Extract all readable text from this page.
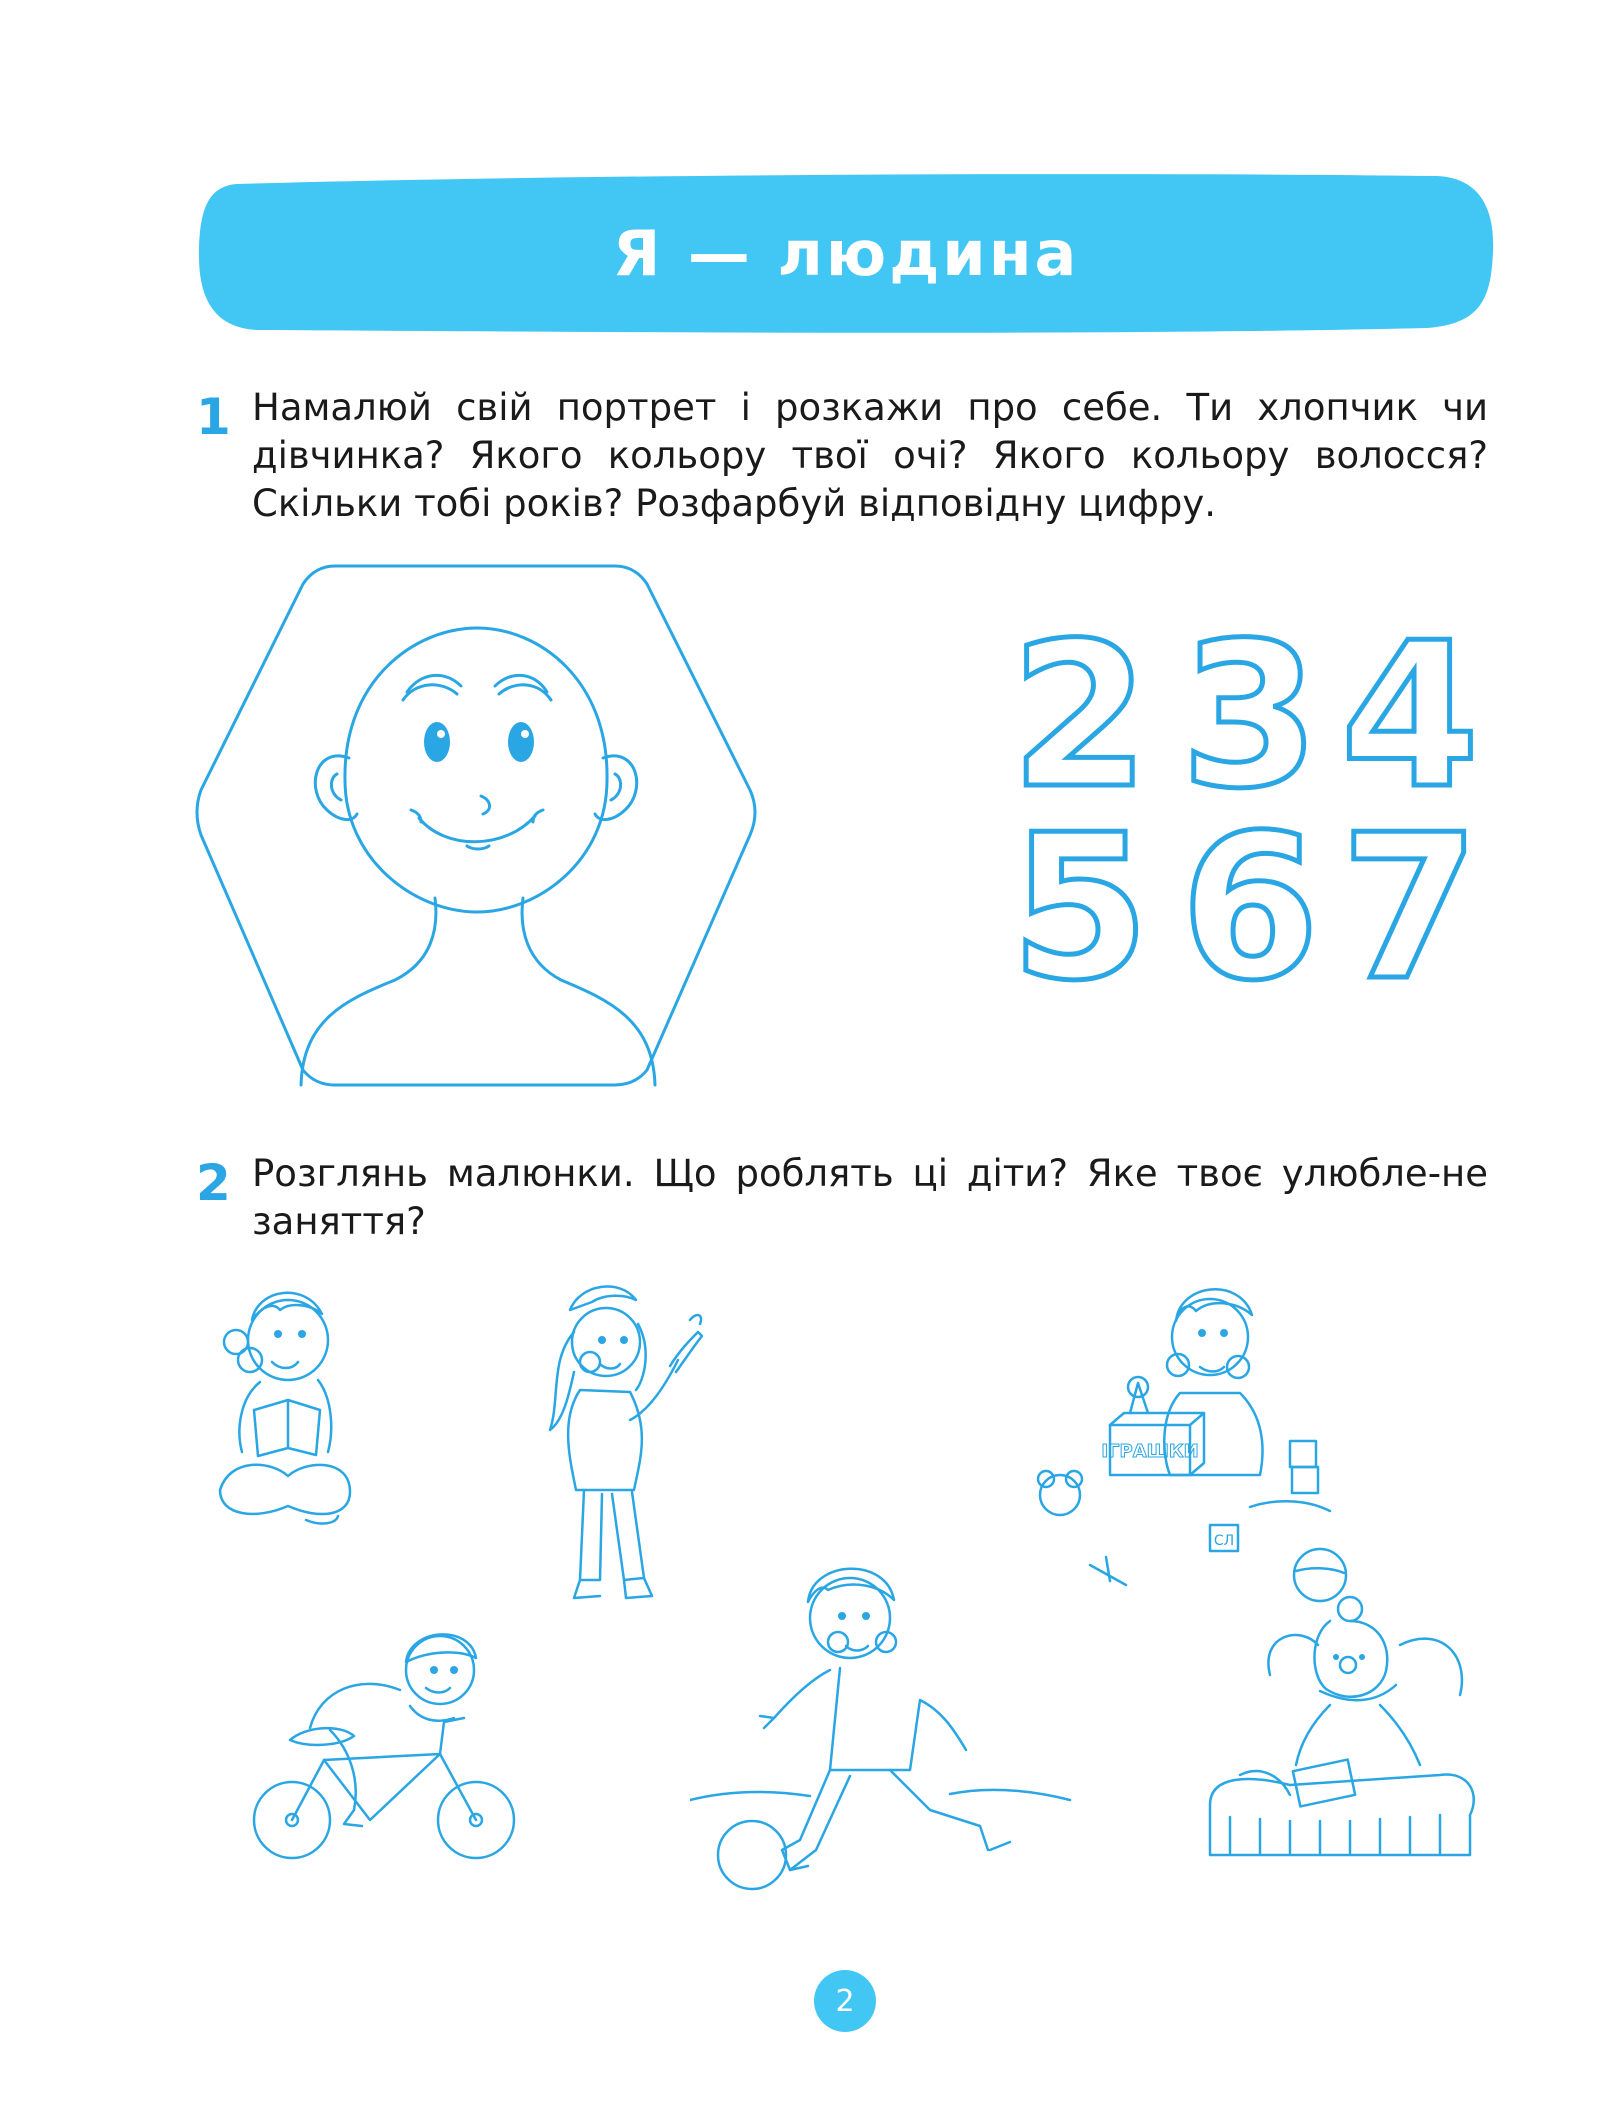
Я — людина
1 Намалюй свій портрет і розкажи про себе. Ти хлопчик чи дівчинка? Якого кольору твої очі? Якого кольору волосся? Скільки тобі років? Розфарбуй відповідну цифру.
2 3 4
5 6 7
2 Розглянь малюнки. Що роблять ці діти? Яке твоє улюбле-не заняття?
ІГРАШКИ
СЛ
2
